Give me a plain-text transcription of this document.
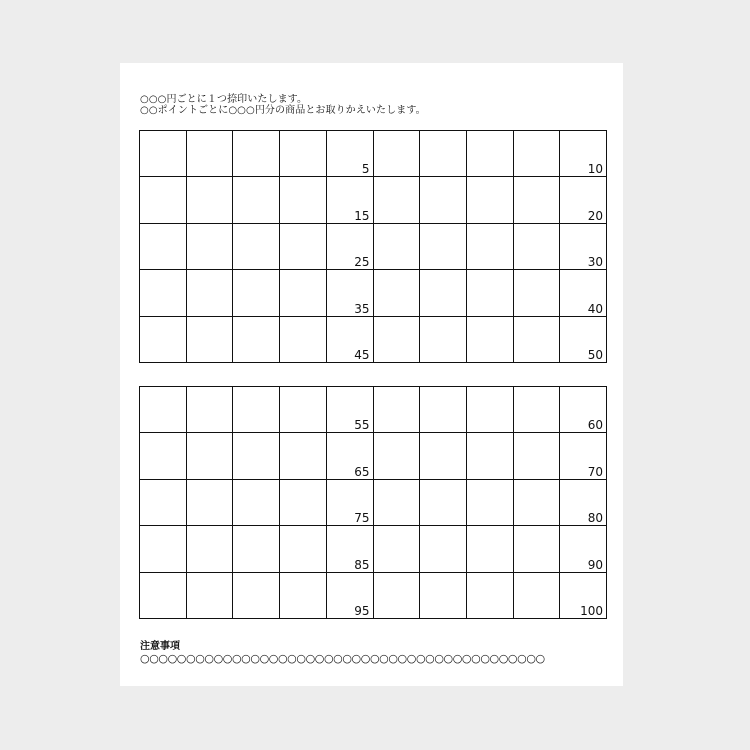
○○○円ごとに１つ捺印いたします。
○○ポイントごとに○○○円分の商品とお取りかえいたします。
5	10
15	20
25	30
35	40
45	50
55	60
65	70
75	80
85	90
95	100
注意事項
○○○○○○○○○○○○○○○○○○○○○○○○○○○○○○○○○○○○○○○○○○○○
